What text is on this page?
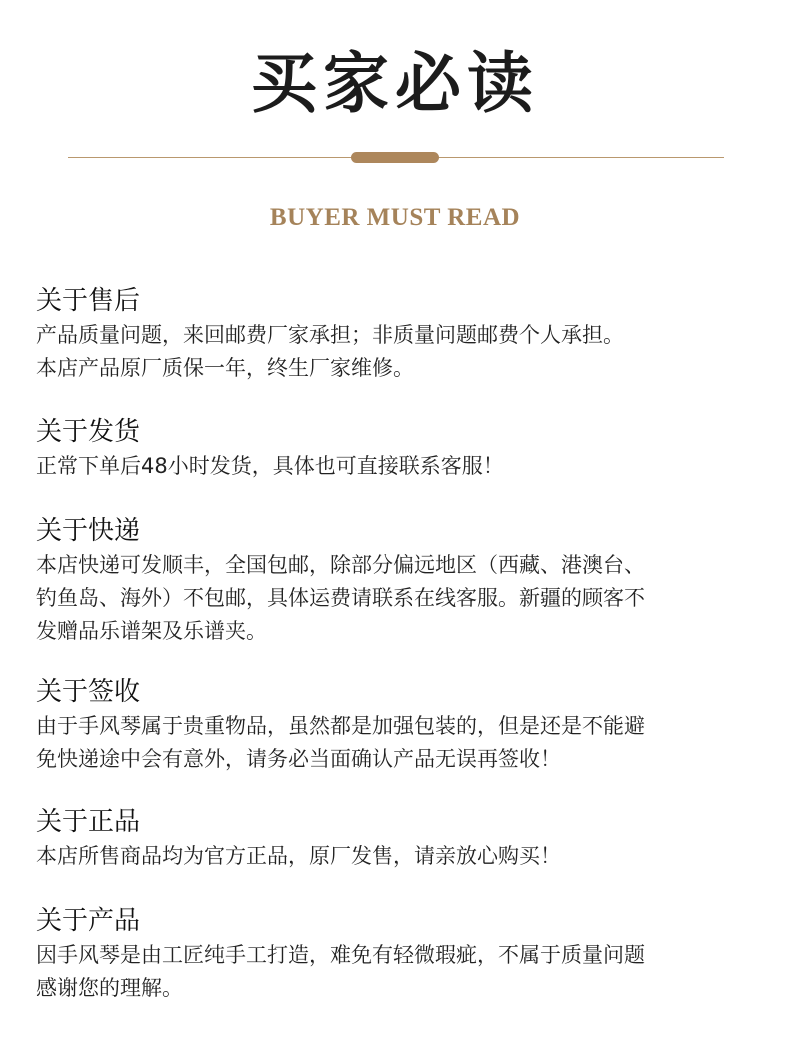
买家必读
BUYER MUST READ
关于售后
产品质量问题，来回邮费厂家承担；非质量问题邮费个人承担。
本店产品原厂质保一年，终生厂家维修。
关于发货
正常下单后48小时发货，具体也可直接联系客服！
关于快递
本店快递可发顺丰，全国包邮，除部分偏远地区（西藏、港澳台、
钓鱼岛、海外）不包邮，具体运费请联系在线客服。新疆的顾客不
发赠品乐谱架及乐谱夹。
关于签收
由于手风琴属于贵重物品，虽然都是加强包装的，但是还是不能避
免快递途中会有意外，请务必当面确认产品无误再签收！
关于正品
本店所售商品均为官方正品，原厂发售，请亲放心购买！
关于产品
因手风琴是由工匠纯手工打造，难免有轻微瑕疵，不属于质量问题
感谢您的理解。
